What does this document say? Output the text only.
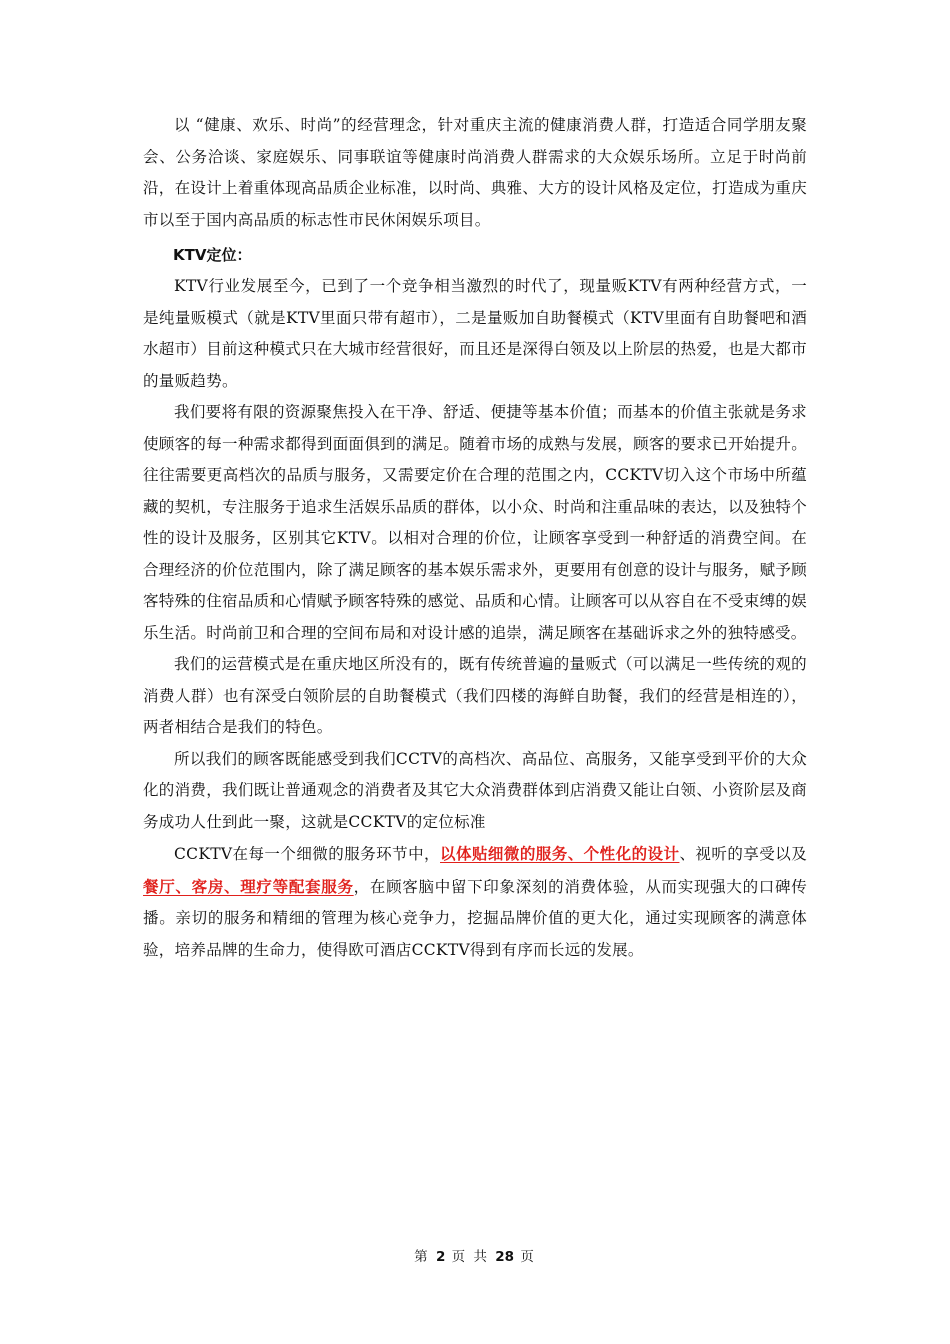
以 “健康、欢乐、时尚”的经营理念，针对重庆主流的健康消费人群，打造适合同学朋友聚会、公务洽谈、家庭娱乐、同事联谊等健康时尚消费人群需求的大众娱乐场所。立足于时尚前沿，在设计上着重体现高品质企业标准，以时尚、典雅、大方的设计风格及定位，打造成为重庆市以至于国内高品质的标志性市民休闲娱乐项目。

KTV定位：

KTV行业发展至今，已到了一个竞争相当激烈的时代了，现量贩KTV有两种经营方式，一是纯量贩模式（就是KTV里面只带有超市），二是量贩加自助餐模式（KTV里面有自助餐吧和酒水超市）目前这种模式只在大城市经营很好，而且还是深得白领及以上阶层的热爱，也是大都市的量贩趋势。

我们要将有限的资源聚焦投入在干净、舒适、便捷等基本价值；而基本的价值主张就是务求使顾客的每一种需求都得到面面俱到的满足。随着市场的成熟与发展，顾客的要求已开始提升。往往需要更高档次的品质与服务，又需要定价在合理的范围之内，CCKTV切入这个市场中所蕴藏的契机，专注服务于追求生活娱乐品质的群体，以小众、时尚和注重品味的表达，以及独特个性的设计及服务，区别其它KTV。以相对合理的价位，让顾客享受到一种舒适的消费空间。在合理经济的价位范围内，除了满足顾客的基本娱乐需求外，更要用有创意的设计与服务，赋予顾客特殊的住宿品质和心情赋予顾客特殊的感觉、品质和心情。让顾客可以从容自在不受束缚的娱乐生活。时尚前卫和合理的空间布局和对设计感的追崇，满足顾客在基础诉求之外的独特感受。

我们的运营模式是在重庆地区所没有的，既有传统普遍的量贩式（可以满足一些传统的观的消费人群）也有深受白领阶层的自助餐模式（我们四楼的海鲜自助餐，我们的经营是相连的），两者相结合是我们的特色。

所以我们的顾客既能感受到我们CCTV的高档次、高品位、高服务，又能享受到平价的大众化的消费，我们既让普通观念的消费者及其它大众消费群体到店消费又能让白领、小资阶层及商务成功人仕到此一聚，这就是CCKTV的定位标准

CCKTV在每一个细微的服务环节中，以体贴细微的服务、个性化的设计、视听的享受以及餐厅、客房、理疗等配套服务，在顾客脑中留下印象深刻的消费体验，从而实现强大的口碑传播。亲切的服务和精细的管理为核心竞争力，挖掘品牌价值的更大化，通过实现顾客的满意体验，培养品牌的生命力，使得欧可酒店CCKTV得到有序而长远的发展。

第 2 页 共 28 页
